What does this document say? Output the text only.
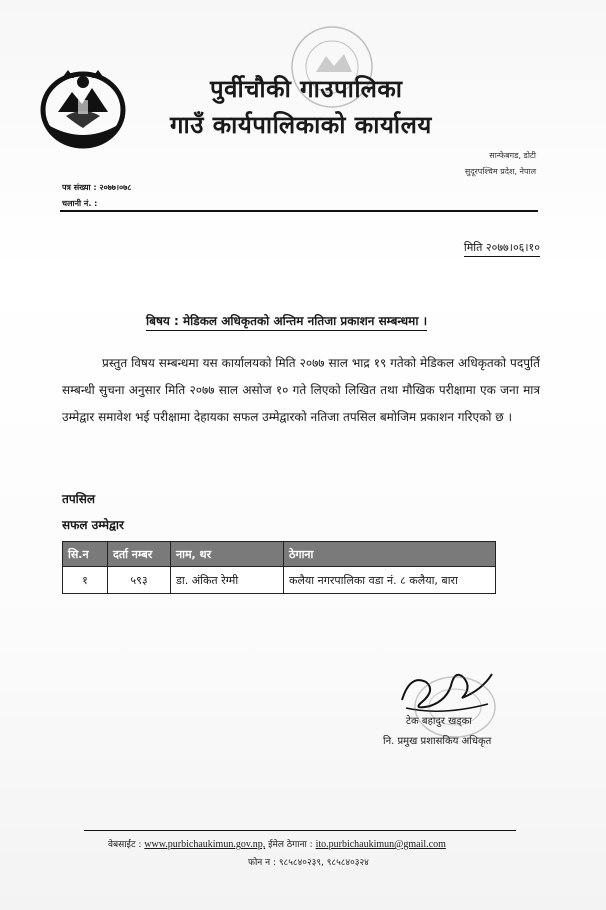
पुर्वीचौकी गाउपालिका
गाउँ कार्यपालिकाको कार्यालय
सान्फेबगड, डोटी
सुदूरपश्चिम प्रदेश, नेपाल
पत्र संख्या : २०७७।०७८
चलानी नं. :
मिति २०७७।०६।१०
बिषय : मेडिकल अधिकृतको अन्तिम नतिजा प्रकाशन सम्बन्धमा ।
प्रस्तुत विषय सम्बन्धमा यस कार्यालयको मिति २०७७ साल भाद्र १९ गतेको मेडिकल अधिकृतको पदपुर्ति सम्बन्धी सुचना अनुसार मिति २०७७ साल असोज १० गते लिएको लिखित तथा मौखिक परीक्षामा एक जना मात्र उम्मेद्वार समावेश भई परीक्षामा देहायका सफल उम्मेद्वारको नतिजा तपसिल बमोजिम प्रकाशन गरिएको छ ।
तपसिल
सफल उम्मेद्वार
सि.न	दर्ता नम्बर	नाम, थर	ठेगाना
१	५९३	डा. अंकित रेग्मी	कलैया नगरपालिका वडा नं. ८ कलैया, बारा
टेक बहादुर खड्का
नि. प्रमुख प्रशासकिय अधिकृत
वेबसाईट : www.purbichaukimun.gov.np, ईमेल ठेगाना : ito.purbichaukimun@gmail.com
फोन न : ९८५८४०२३९, ९८५८४०३२४
